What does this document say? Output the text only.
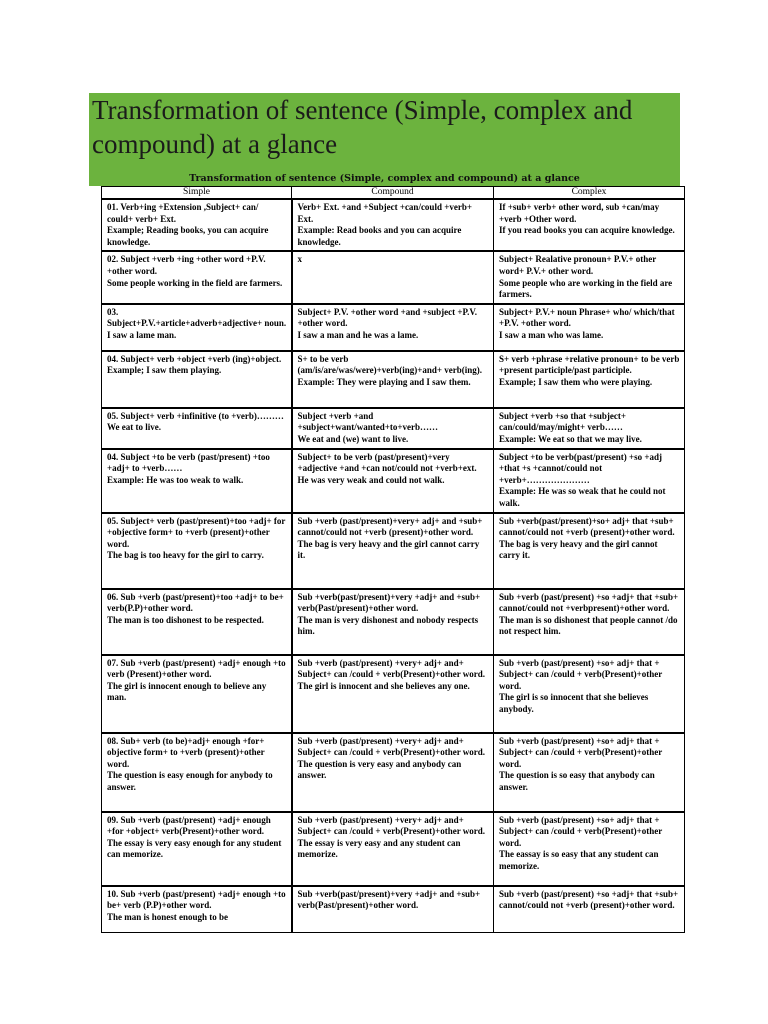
Transformation of sentence (Simple, complex and compound) at a glance
Transformation of sentence (Simple, complex and compound) at a glance
Simple	Compound	Complex
01. Verb+ing +Extension ,Subject+ can/ could+ verb+ Ext.
Example; Reading books, you can acquire knowledge.	Verb+ Ext. +and +Subject +can/could +verb+ Ext.
Example: Read books and you can acquire knowledge.	If +sub+ verb+ other word, sub +can/may +verb +Other word.
If you read books you can acquire knowledge.
02. Subject +verb +ing +other word +P.V. +other word.
Some people working in the field are farmers.	x	Subject+ Realative pronoun+ P.V.+ other word+ P.V.+ other word.
Some people who are working in the field are farmers.
03.
Subject+P.V.+article+adverb+adjective+ noun.
I saw a lame man.	Subject+ P.V. +other word +and +subject +P.V. +other word.
I saw a man and he was a lame.	Subject+ P.V.+ noun Phrase+ who/ which/that +P.V. +other word.
I saw a man who was lame.
04. Subject+ verb +object +verb (ing)+object.
Example; I saw them playing.	S+ to be verb (am/is/are/was/were)+verb(ing)+and+ verb(ing).
Example: They were playing and I saw them.	S+ verb +phrase +relative pronoun+ to be verb +present participle/past participle.
Example; I saw them who were playing.
05. Subject+ verb +infinitive (to +verb)………
We eat to live.	Subject +verb +and +subject+want/wanted+to+verb……
We eat and (we) want to live.	Subject +verb +so that +subject+ can/could/may/might+ verb……
Example: We eat so that we may live.
04. Subject +to be verb (past/present) +too +adj+ to +verb……
Example: He was too weak to walk.	Subject+ to be verb (past/present)+very +adjective +and +can not/could not +verb+ext.
He was very weak and could not walk.	Subject +to be verb(past/present) +so +adj +that +s +cannot/could not +verb+…………………
Example: He was so weak that he could not walk.
05. Subject+ verb (past/present)+too +adj+ for +objective form+ to +verb (present)+other word.
The bag is too heavy for the girl to carry.	Sub +verb (past/present)+very+ adj+ and +sub+ cannot/could not +verb (present)+other word.
The bag is very heavy and the girl cannot carry it.	Sub +verb(past/present)+so+ adj+ that +sub+ cannot/could not +verb (present)+other word.
The bag is very heavy and the girl cannot carry it.
06. Sub +verb (past/present)+too +adj+ to be+ verb(P.P)+other word.
The man is too dishonest to be respected.	Sub +verb(past/present)+very +adj+ and +sub+ verb(Past/present)+other word.
The man is very dishonest and nobody respects him.	Sub +verb (past/present) +so +adj+ that +sub+ cannot/could not +verbpresent)+other word.
The man is so dishonest that people cannot /do not respect him.
07. Sub +verb (past/present) +adj+ enough +to verb (Present)+other word.
The girl is innocent enough to believe any man.	Sub +verb (past/present) +very+ adj+ and+ Subject+ can /could + verb(Present)+other word.
The girl is innocent and she believes any one.	Sub +verb (past/present) +so+ adj+ that + Subject+ can /could + verb(Present)+other word.
The girl is so innocent that she believes anybody.
08. Sub+ verb (to be)+adj+ enough +for+ objective form+ to +verb (present)+other word.
The question is easy enough for anybody to answer.	Sub +verb (past/present) +very+ adj+ and+ Subject+ can /could + verb(Present)+other word.
The question is very easy and anybody can answer.	Sub +verb (past/present) +so+ adj+ that + Subject+ can /could + verb(Present)+other word.
The question is so easy that anybody can answer.
09. Sub +verb (past/present) +adj+ enough +for +object+ verb(Present)+other word.
The essay is very easy enough for any student can memorize.	Sub +verb (past/present) +very+ adj+ and+ Subject+ can /could + verb(Present)+other word.
The essay is very easy and any student can memorize.	Sub +verb (past/present) +so+ adj+ that + Subject+ can /could + verb(Present)+other word.
The eassay is so easy that any student can memorize.
10. Sub +verb (past/present) +adj+ enough +to be+ verb (P.P)+other word.
The man is honest enough to be	Sub +verb(past/present)+very +adj+ and +sub+ verb(Past/present)+other word.	Sub +verb (past/present) +so +adj+ that +sub+ cannot/could not +verb (present)+other word.
